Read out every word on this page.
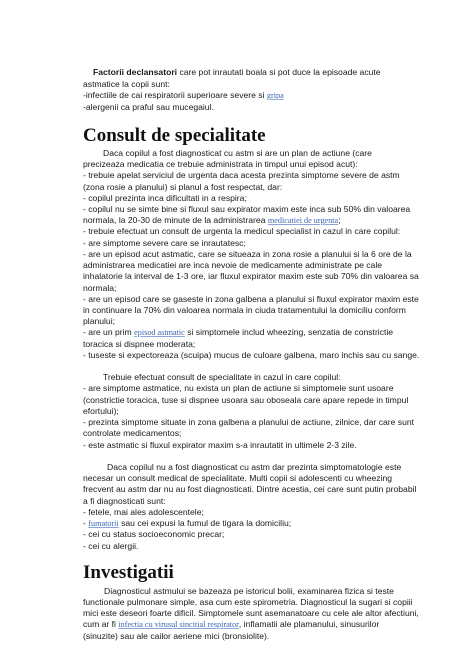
Factorii declansatori care pot inrautati boala si pot duce la episoade acute

astmatice la copii sunt:

-infectiile de cai respiratorii superioare severe si gripa

-alergenii ca praful sau mucegaiul.

Consult de specialitate

Daca copilul a fost diagnosticat cu astm si are un plan de actiune (care

precizeaza medicatia ce trebuie administrata in timpul unui episod acut):

- trebuie apelat serviciul de urgenta daca acesta prezinta simptome severe de astm

(zona rosie a planului) si planul a fost respectat, dar:

- copilul prezinta inca dificultati in a respira;

- copilul nu se simte bine si fluxul sau expirator maxim este inca sub 50% din valoarea

normala, la 20-30 de minute de la administrarea medicatiei de urgenta;

- trebuie efectuat un consult de urgenta la medicul specialist in cazul in care copilul:

- are simptome severe care se inrautatesc;

- are un episod acut astmatic, care se situeaza in zona rosie a planului si la 6 ore de la

administrarea medicatiei are inca nevoie de medicamente administrate pe cale

inhalatorie la interval de 1-3 ore, iar fluxul expirator maxim este sub 70% din valoarea sa

normala;

- are un episod care se gaseste in zona galbena a planului si fluxul expirator maxim este

in continuare la 70% din valoarea normala in ciuda tratamentului la domiciliu conform

planului;

- are un prim episod astmatic si simptomele includ wheezing, senzatia de constrictie

toracica si dispnee moderata;

- tuseste si expectoreaza (scuipa) mucus de culoare galbena, maro inchis sau cu sange.

Trebuie efectuat consult de specialitate in cazul in care copilul:

- are simptome astmatice, nu exista un plan de actiune si simptomele sunt usoare

(constrictie toracica, tuse si dispnee usoara sau oboseala care apare repede in timpul

efortului);

- prezinta simptome situate in zona galbena a planului de actiune, zilnice, dar care sunt

controlate medicamentos;

- este astmatic si fluxul expirator maxim s-a inrautatit in ultimele 2-3 zile.

Daca copilul nu a fost diagnosticat cu astm dar prezinta simptomatologie este

necesar un consult medical de specialitate. Multi copii si adolescenti cu wheezing

frecvent au astm dar nu au fost diagnosticati. Dintre acestia, cei care sunt putin probabil

a fi diagnosticati sunt:

- fetele, mai ales adolescentele;

- fumatorii sau cei expusi la fumul de tigara la domiciliu;

- cei cu status socioeconomic precar;

- cei cu alergii.

Investigatii

Diagnosticul astmului se bazeaza pe istoricul bolii, examinarea fizica si teste

functionale pulmonare simple, asa cum este spirometria. Diagnosticul la sugari si copiii

mici este deseori foarte dificil. Simptomele sunt asemanatoare cu cele ale altor afectiuni,

cum ar fi infectia cu virusul sincitial respirator, inflamatii ale plamanului, sinusurilor

(sinuzite) sau ale cailor aeriene mici (bronsiolite).
